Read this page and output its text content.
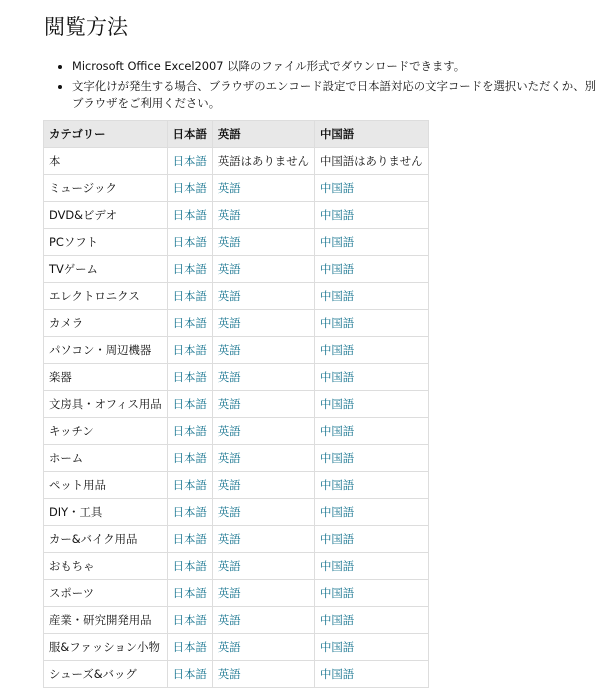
閲覧方法
• Microsoft Office Excel2007 以降のファイル形式でダウンロードできます。
• 文字化けが発生する場合、ブラウザのエンコード設定で日本語対応の文字コードを選択いただくか、別ブラウザをご利用ください。
カテゴリー	日本語	英語	中国語
本	日本語	英語はありません	中国語はありません
ミュージック	日本語	英語	中国語
DVD&ビデオ	日本語	英語	中国語
PCソフト	日本語	英語	中国語
TVゲーム	日本語	英語	中国語
エレクトロニクス	日本語	英語	中国語
カメラ	日本語	英語	中国語
パソコン・周辺機器	日本語	英語	中国語
楽器	日本語	英語	中国語
文房具・オフィス用品	日本語	英語	中国語
キッチン	日本語	英語	中国語
ホーム	日本語	英語	中国語
ペット用品	日本語	英語	中国語
DIY・工具	日本語	英語	中国語
カー&バイク用品	日本語	英語	中国語
おもちゃ	日本語	英語	中国語
スポーツ	日本語	英語	中国語
産業・研究開発用品	日本語	英語	中国語
服&ファッション小物	日本語	英語	中国語
シューズ&バッグ	日本語	英語	中国語
